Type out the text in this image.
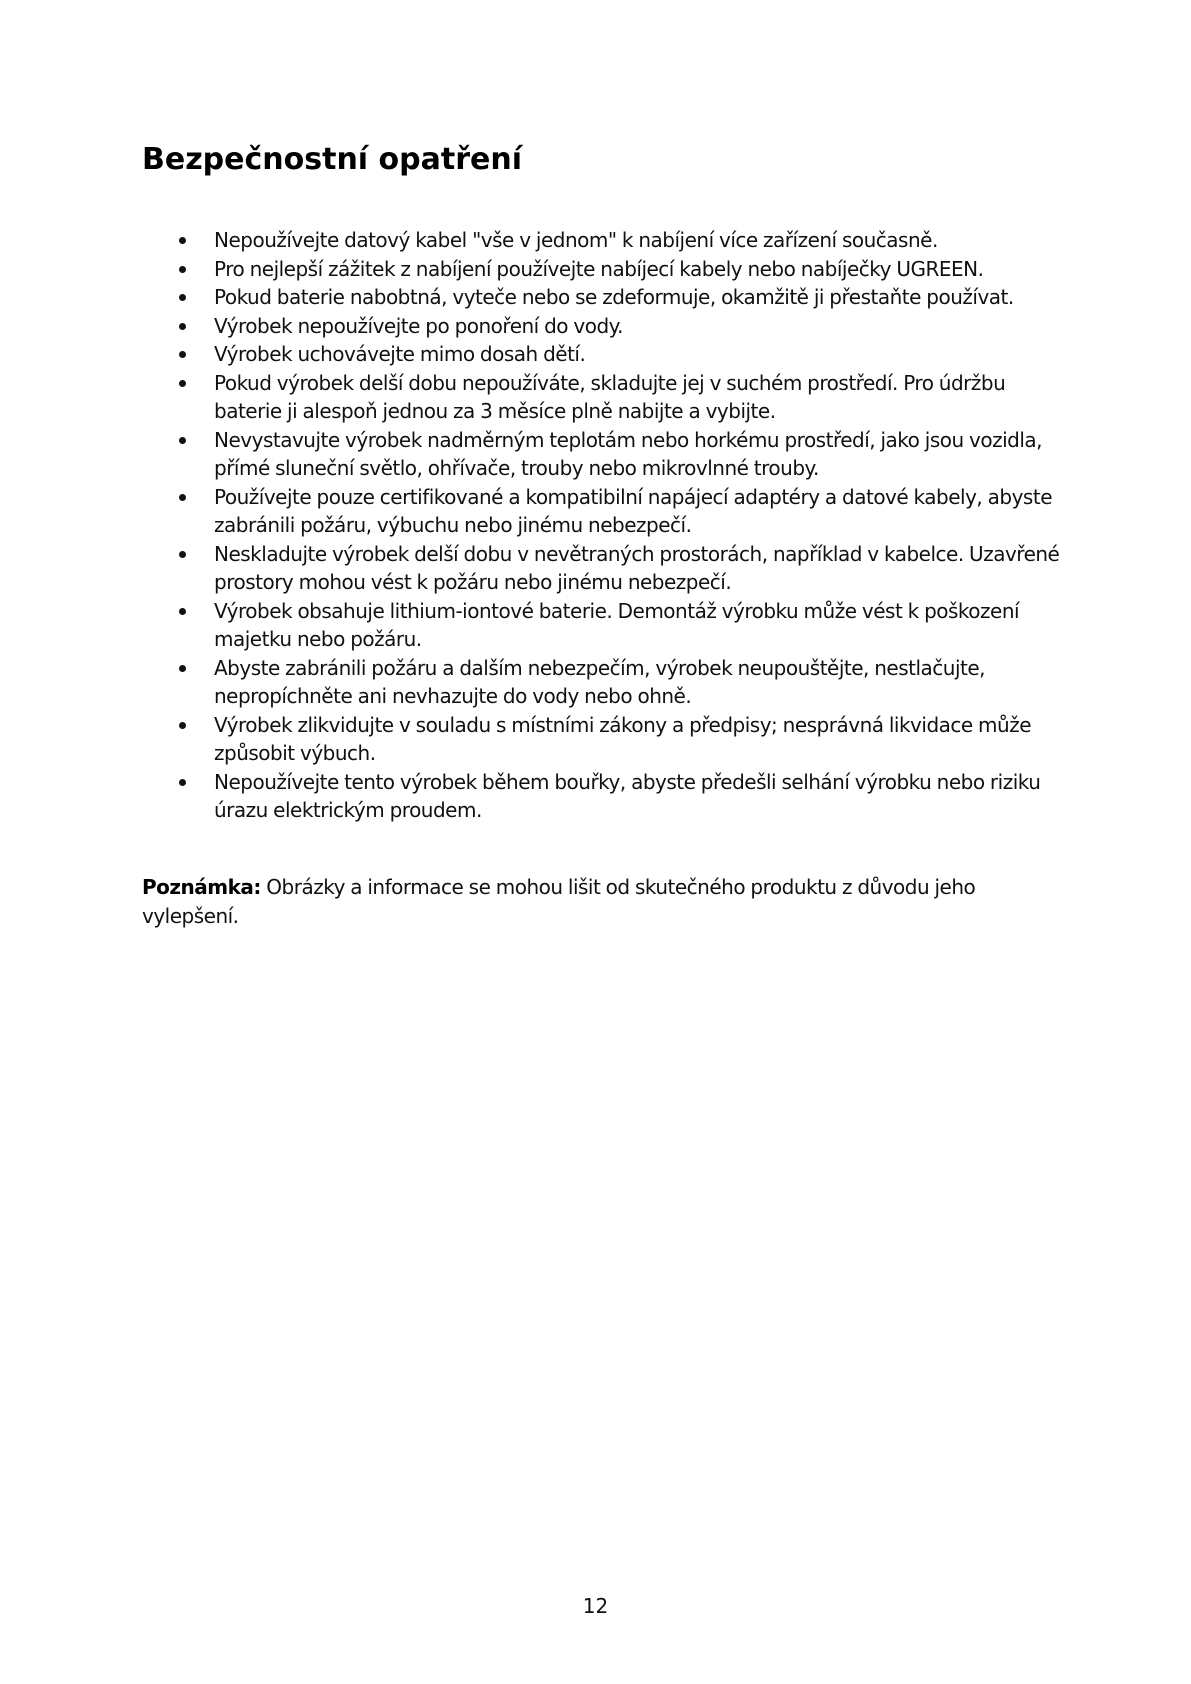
Bezpečnostní opatření
Nepoužívejte datový kabel "vše v jednom" k nabíjení více zařízení současně.
Pro nejlepší zážitek z nabíjení používejte nabíjecí kabely nebo nabíječky UGREEN.
Pokud baterie nabobtná, vyteče nebo se zdeformuje, okamžitě ji přestaňte používat.
Výrobek nepoužívejte po ponoření do vody.
Výrobek uchovávejte mimo dosah dětí.
Pokud výrobek delší dobu nepoužíváte, skladujte jej v suchém prostředí. Pro údržbu baterie ji alespoň jednou za 3 měsíce plně nabijte a vybijte.
Nevystavujte výrobek nadměrným teplotám nebo horkému prostředí, jako jsou vozidla, přímé sluneční světlo, ohřívače, trouby nebo mikrovlnné trouby.
Používejte pouze certifikované a kompatibilní napájecí adaptéry a datové kabely, abyste zabránili požáru, výbuchu nebo jinému nebezpečí.
Neskladujte výrobek delší dobu v nevětraných prostorách, například v kabelce. Uzavřené prostory mohou vést k požáru nebo jinému nebezpečí.
Výrobek obsahuje lithium-iontové baterie. Demontáž výrobku může vést k poškození majetku nebo požáru.
Abyste zabránili požáru a dalším nebezpečím, výrobek neupouštějte, nestlačujte, nepropíchněte ani nevhazujte do vody nebo ohně.
Výrobek zlikvidujte v souladu s místními zákony a předpisy; nesprávná likvidace může způsobit výbuch.
Nepoužívejte tento výrobek během bouřky, abyste předešli selhání výrobku nebo riziku úrazu elektrickým proudem.

Poznámka: Obrázky a informace se mohou lišit od skutečného produktu z důvodu jeho vylepšení.

12
